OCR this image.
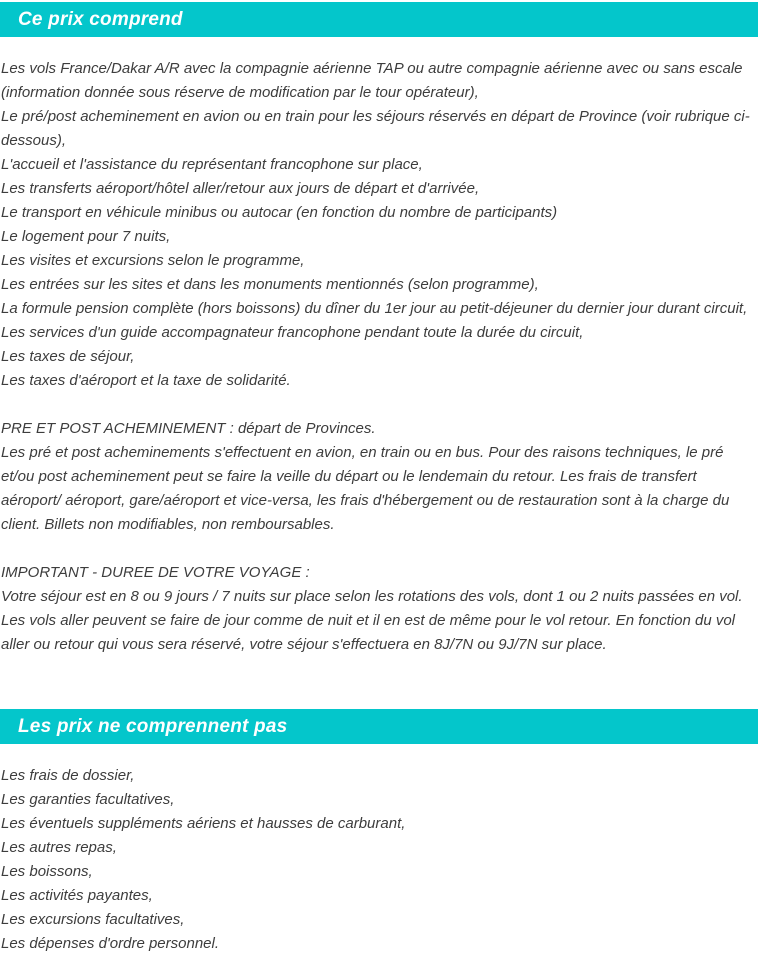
Ce prix comprend

Les vols France/Dakar A/R avec la compagnie aérienne TAP ou autre compagnie aérienne avec ou sans escale (information donnée sous réserve de modification par le tour opérateur),

Le pré/post acheminement en avion ou en train pour les séjours réservés en départ de Province (voir rubrique ci-dessous),

L'accueil et l'assistance du représentant francophone sur place,

Les transferts aéroport/hôtel aller/retour aux jours de départ et d'arrivée,

Le transport en véhicule minibus ou autocar (en fonction du nombre de participants)

Le logement pour 7 nuits,

Les visites et excursions selon le programme,

Les entrées sur les sites et dans les monuments mentionnés (selon programme),

La formule pension complète (hors boissons) du dîner du 1er jour au petit-déjeuner du dernier jour durant circuit,

Les services d'un guide accompagnateur francophone pendant toute la durée du circuit,

Les taxes de séjour,

Les taxes d'aéroport et la taxe de solidarité.

PRE ET POST ACHEMINEMENT : départ de Provinces.

Les pré et post acheminements s'effectuent en avion, en train ou en bus. Pour des raisons techniques, le pré et/ou post acheminement peut se faire la veille du départ ou le lendemain du retour. Les frais de transfert aéroport/ aéroport, gare/aéroport et vice-versa, les frais d'hébergement ou de restauration sont à la charge du client. Billets non modifiables, non remboursables.

IMPORTANT - DUREE DE VOTRE VOYAGE :

Votre séjour est en 8 ou 9 jours / 7 nuits sur place selon les rotations des vols, dont 1 ou 2 nuits passées en vol. Les vols aller peuvent se faire de jour comme de nuit et il en est de même pour le vol retour. En fonction du vol aller ou retour qui vous sera réservé, votre séjour s'effectuera en 8J/7N ou 9J/7N sur place.

Les prix ne comprennent pas

Les frais de dossier,

Les garanties facultatives,

Les éventuels suppléments aériens et hausses de carburant,

Les autres repas,

Les boissons,

Les activités payantes,

Les excursions facultatives,

Les dépenses d'ordre personnel.
